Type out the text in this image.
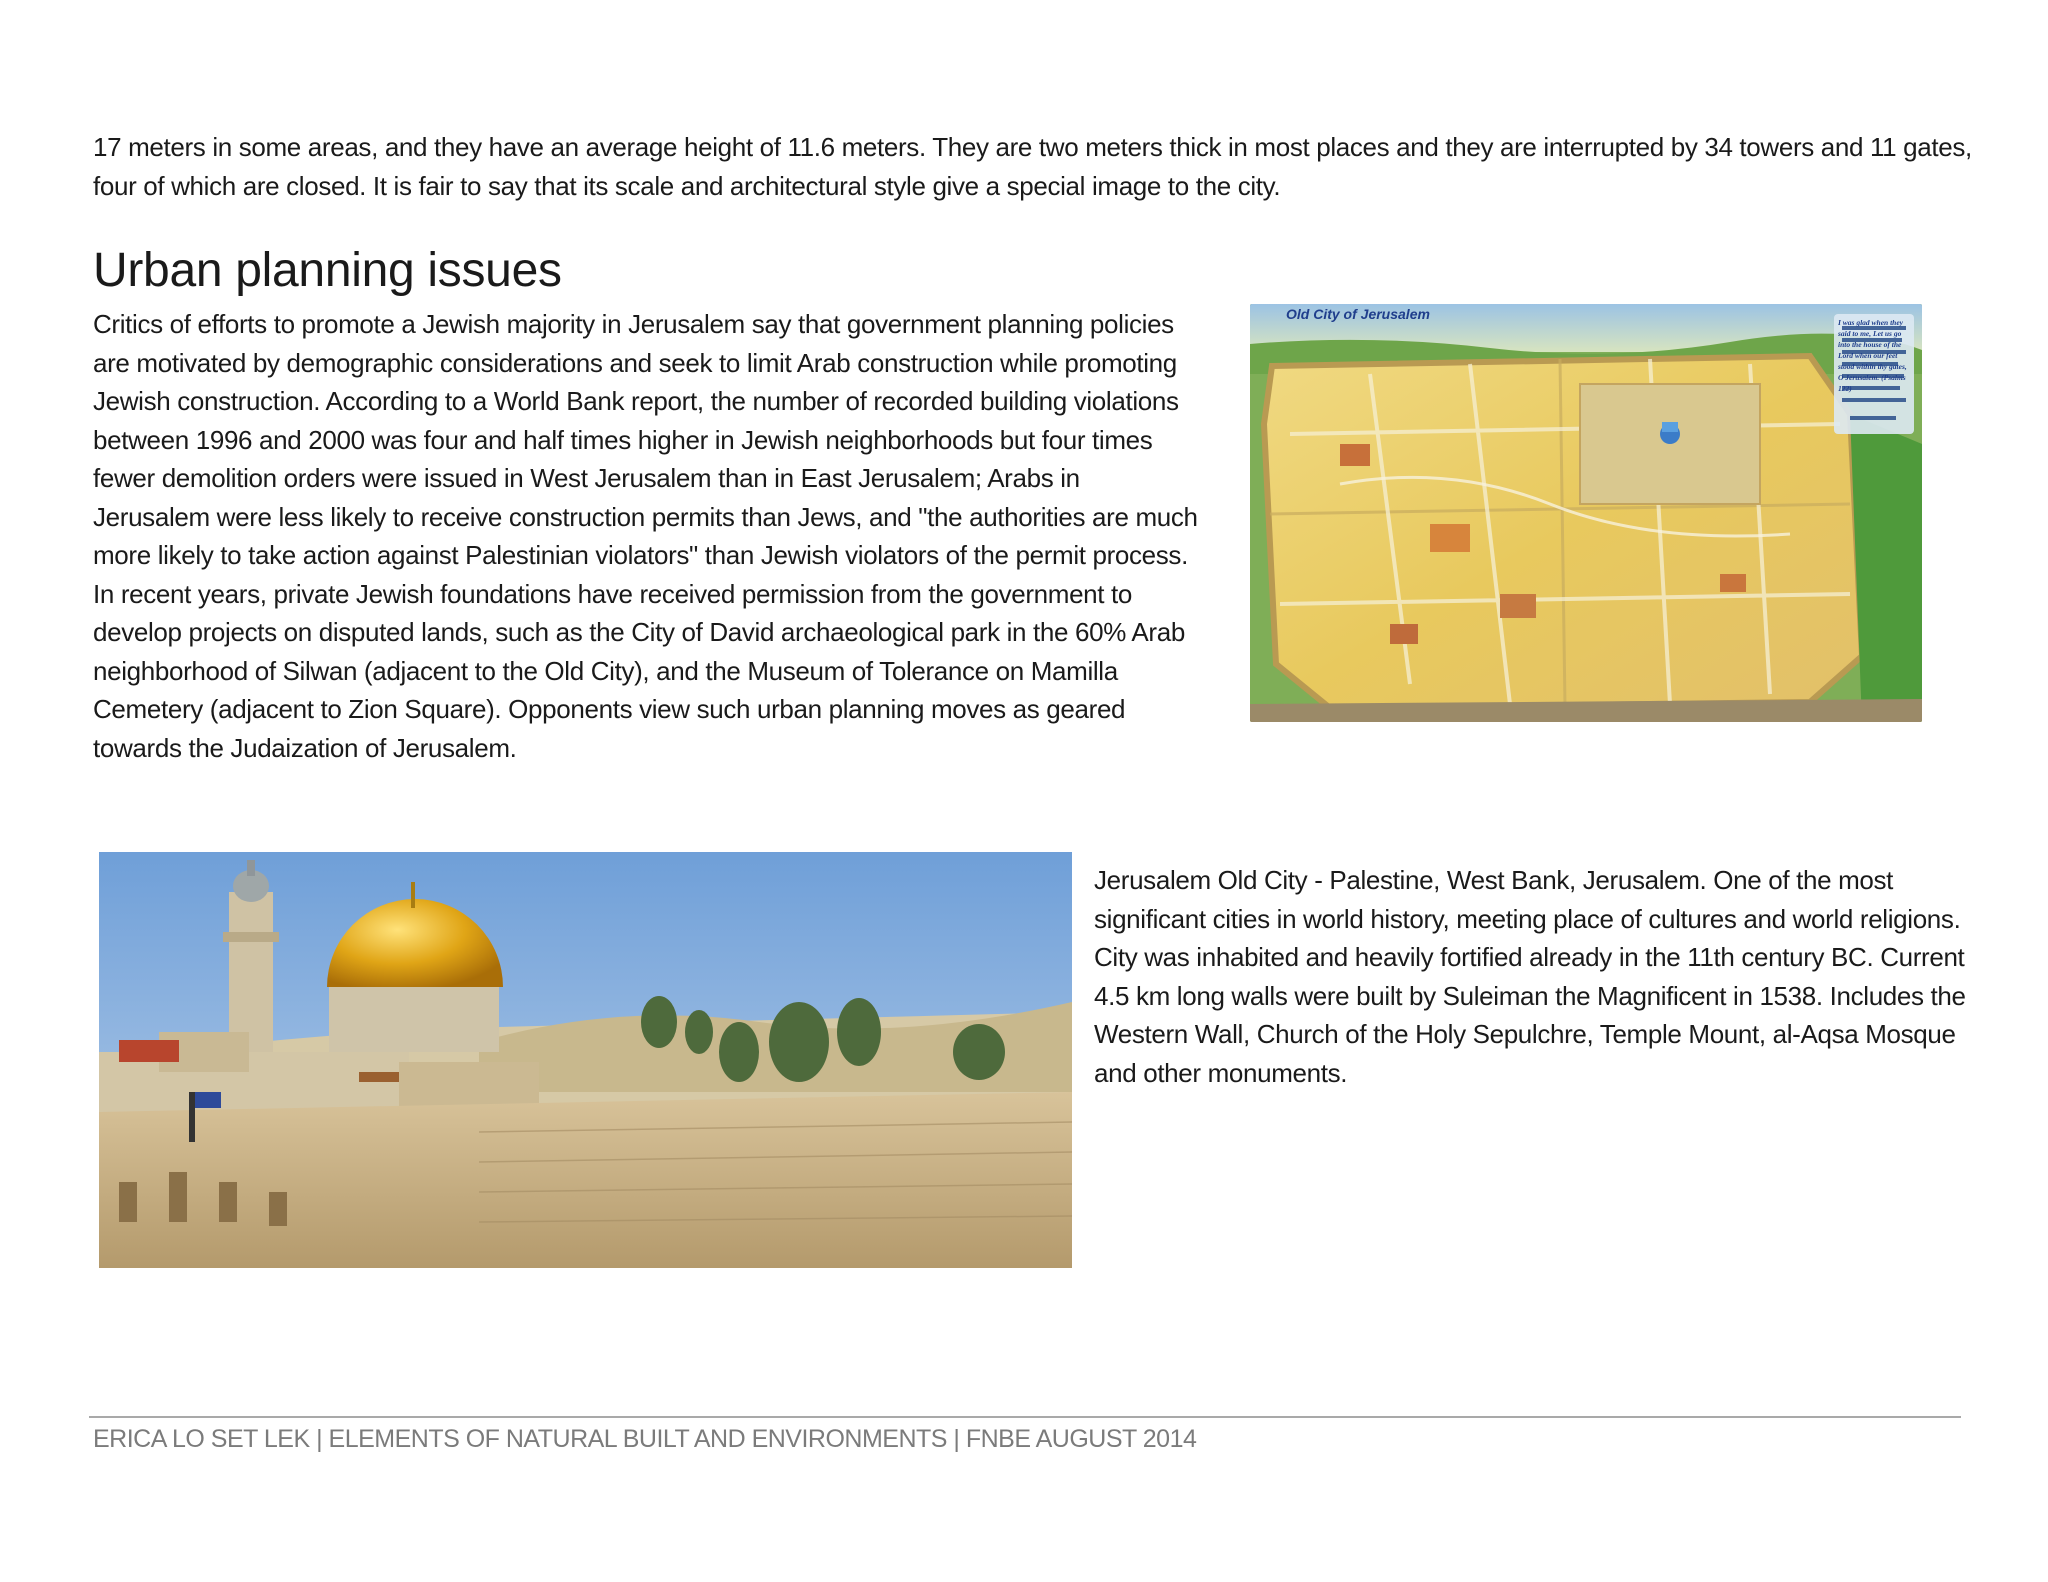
17 meters in some areas, and they have an average height of 11.6 meters. They are two meters thick in most places and they are interrupted by 34 towers and 11 gates, four of which are closed. It is fair to say that its scale and architectural style give a special image to the city.

Urban planning issues
Critics of efforts to promote a Jewish majority in Jerusalem say that government planning policies are motivated by demographic considerations and seek to limit Arab construction while promoting Jewish construction. According to a World Bank report, the number of recorded building violations between 1996 and 2000 was four and half times higher in Jewish neighborhoods but four times fewer demolition orders were issued in West Jerusalem than in East Jerusalem; Arabs in Jerusalem were less likely to receive construction permits than Jews, and "the authorities are much more likely to take action against Palestinian violators" than Jewish violators of the permit process. In recent years, private Jewish foundations have received permission from the government to develop projects on disputed lands, such as the City of David archaeological park in the 60% Arab neighborhood of Silwan (adjacent to the Old City), and the Museum of Tolerance on Mamilla Cemetery (adjacent to Zion Square). Opponents view such urban planning moves as geared towards the Judaization of Jerusalem.
Old City of Jerusalem
I was glad when they said to me, Let us go into the house of the Lord when our feet stood within thy gates, O Jerusalem. (Psalms 122)

Jerusalem Old City - Palestine, West Bank, Jerusalem. One of the most significant cities in world history, meeting place of cultures and world religions. City was inhabited and heavily fortified already in the 11th century BC. Current 4.5 km long walls were built by Suleiman the Magnificent in 1538. Includes the Western Wall, Church of the Holy Sepulchre, Temple Mount, al-Aqsa Mosque and other monuments.

ERICA LO SET LEK | ELEMENTS OF NATURAL BUILT AND ENVIRONMENTS | FNBE AUGUST 2014
